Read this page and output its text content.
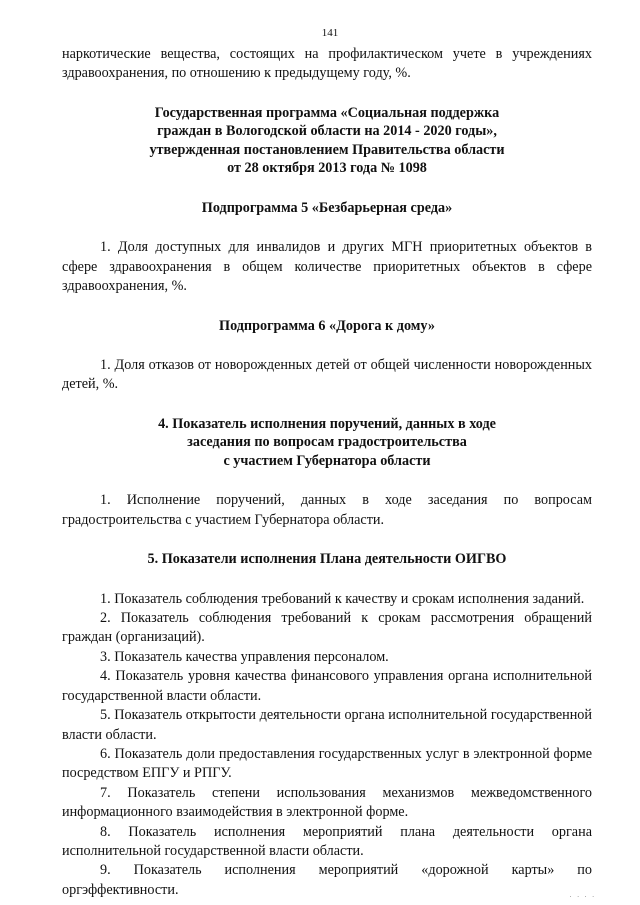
141

наркотические вещества, состоящих на профилактическом учете в учреждениях здравоохранения, по отношению к предыдущему году, %.

Государственная программа «Социальная поддержка
граждан в Вологодской области на 2014 - 2020 годы»,
утвержденная постановлением Правительства области
от 28 октября 2013 года № 1098
Подпрограмма 5 «Безбарьерная среда»

1. Доля доступных для инвалидов и других МГН приоритетных объектов в сфере здравоохранения в общем количестве приоритетных объектов в сфере здравоохранения, %.

Подпрограмма 6 «Дорога к дому»

1. Доля отказов от новорожденных детей от общей численности новорожденных детей, %.

4. Показатель исполнения поручений, данных в ходе
заседания по вопросам градостроительства
с участием Губернатора области

1. Исполнение поручений, данных в ходе заседания по вопросам градостроительства с участием Губернатора области.

5. Показатели исполнения Плана деятельности ОИГВО

1. Показатель соблюдения требований к качеству и срокам исполнения заданий.

2. Показатель соблюдения требований к срокам рассмотрения обращений граждан (организаций).

3. Показатель качества управления персоналом.

4. Показатель уровня качества финансового управления органа исполнительной государственной власти области.

5. Показатель открытости деятельности органа исполнительной государственной власти области.

6. Показатель доли предоставления государственных услуг в электронной форме посредством ЕПГУ и РПГУ.

7. Показатель степени использования механизмов межведомственного информационного взаимодействия в электронной форме.

8. Показатель исполнения мероприятий плана деятельности органа исполнительной государственной власти области.

9. Показатель исполнения мероприятий «дорожной карты» по оргэффективности.	. . . .
